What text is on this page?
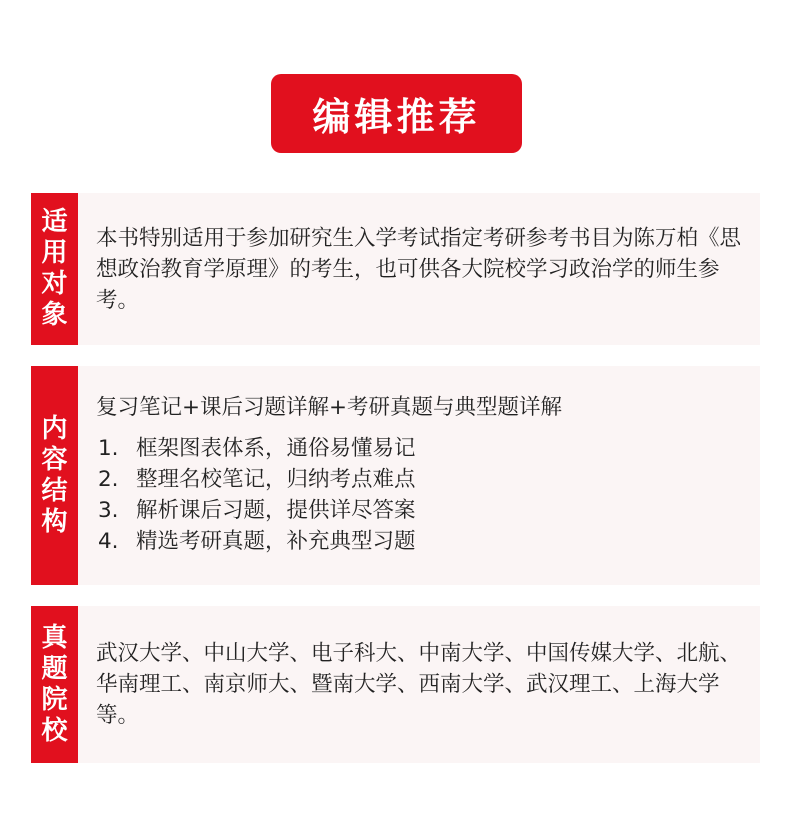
编辑推荐
适
用
对
象

本书特别适用于参加研究生入学考试指定考研参考书目为陈万柏《思想政治教育学原理》的考生，也可供各大院校学习政治学的师生参考。

内
容
结
构

复习笔记+课后习题详解+考研真题与典型题详解

1. 框架图表体系，通俗易懂易记
2. 整理名校笔记，归纳考点难点
3. 解析课后习题，提供详尽答案
4. 精选考研真题，补充典型习题
真
题
院
校

武汉大学、中山大学、电子科大、中南大学、中国传媒大学、北航、华南理工、南京师大、暨南大学、西南大学、武汉理工、上海大学等。
